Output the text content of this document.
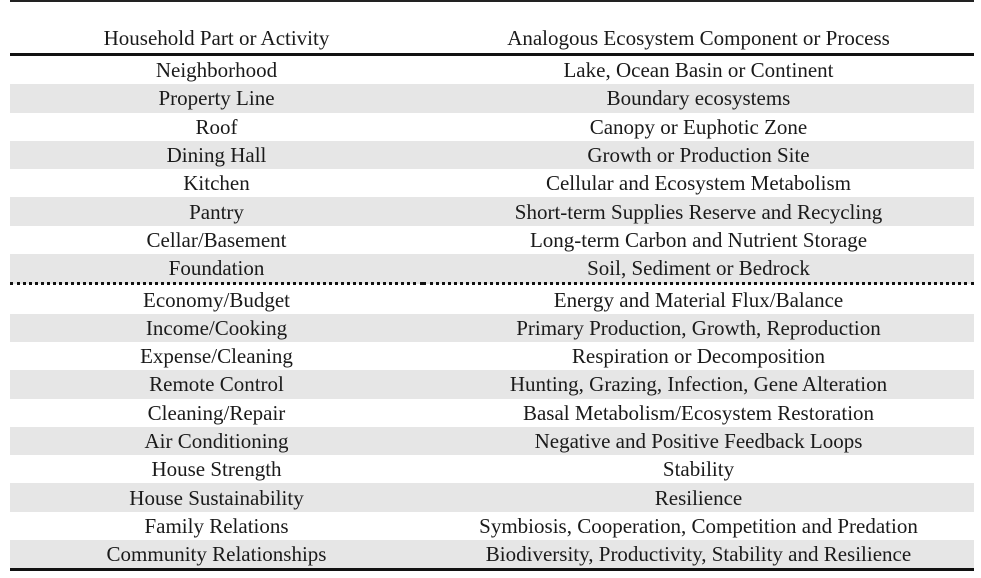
Household Part or Activity	Analogous Ecosystem Component or Process
Neighborhood	Lake, Ocean Basin or Continent
Property Line	Boundary ecosystems
Roof	Canopy or Euphotic Zone
Dining Hall	Growth or Production Site
Kitchen	Cellular and Ecosystem Metabolism
Pantry	Short-term Supplies Reserve and Recycling
Cellar/Basement	Long-term Carbon and Nutrient Storage
Foundation	Soil, Sediment or Bedrock
Economy/Budget	Energy and Material Flux/Balance
Income/Cooking	Primary Production, Growth, Reproduction
Expense/Cleaning	Respiration or Decomposition
Remote Control	Hunting, Grazing, Infection, Gene Alteration
Cleaning/Repair	Basal Metabolism/Ecosystem Restoration
Air Conditioning	Negative and Positive Feedback Loops
House Strength	Stability
House Sustainability	Resilience
Family Relations	Symbiosis, Cooperation, Competition and Predation
Community Relationships	Biodiversity, Productivity, Stability and Resilience
